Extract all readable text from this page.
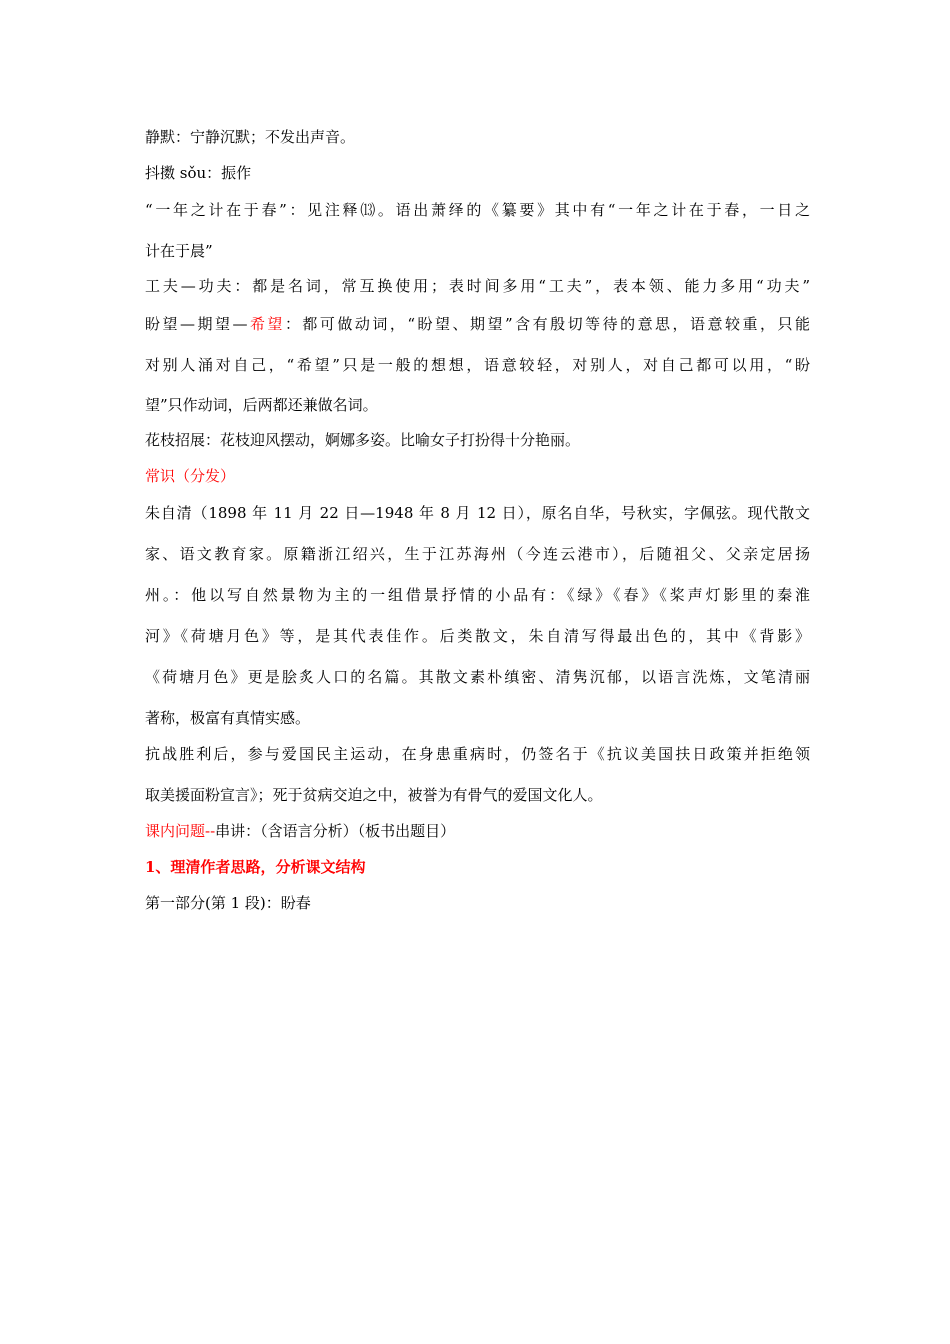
静默：宁静沉默；不发出声音。
抖擞 sǒu：振作
“一年之计在于春”：见注释⒀。语出萧绎的《纂要》其中有“一年之计在于春，一日之
计在于晨”
工夫—功夫：都是名词，常互换使用；表时间多用“工夫”，表本领、能力多用“功夫”
盼望—期望—希望：都可做动词，“盼望、期望”含有殷切等待的意思，语意较重，只能
对别人涌对自己，“希望”只是一般的想想，语意较轻，对别人，对自己都可以用，“盼
望”只作动词，后两都还兼做名词。
花枝招展：花枝迎风摆动，婀娜多姿。比喻女子打扮得十分艳丽。
常识（分发）
朱自清（1898 年 11 月 22 日—1948 年 8 月 12 日），原名自华，号秋实，字佩弦。现代散文
家、语文教育家。原籍浙江绍兴，生于江苏海州（今连云港市），后随祖父、父亲定居扬
州。：他以写自然景物为主的一组借景抒情的小品有：《绿》《春》《桨声灯影里的秦淮
河》《荷塘月色》等，是其代表佳作。后类散文，朱自清写得最出色的，其中《背影》
《荷塘月色》更是脍炙人口的名篇。其散文素朴缜密、清隽沉郁，以语言洗炼，文笔清丽
著称，极富有真情实感。
抗战胜利后，参与爱国民主运动，在身患重病时，仍签名于《抗议美国扶日政策并拒绝领
取美援面粉宣言》；死于贫病交迫之中，被誉为有骨气的爱国文化人。
课内问题--串讲：（含语言分析）（板书出题目）
1、理清作者思路，分析课文结构
第一部分(第 1 段)：盼春
